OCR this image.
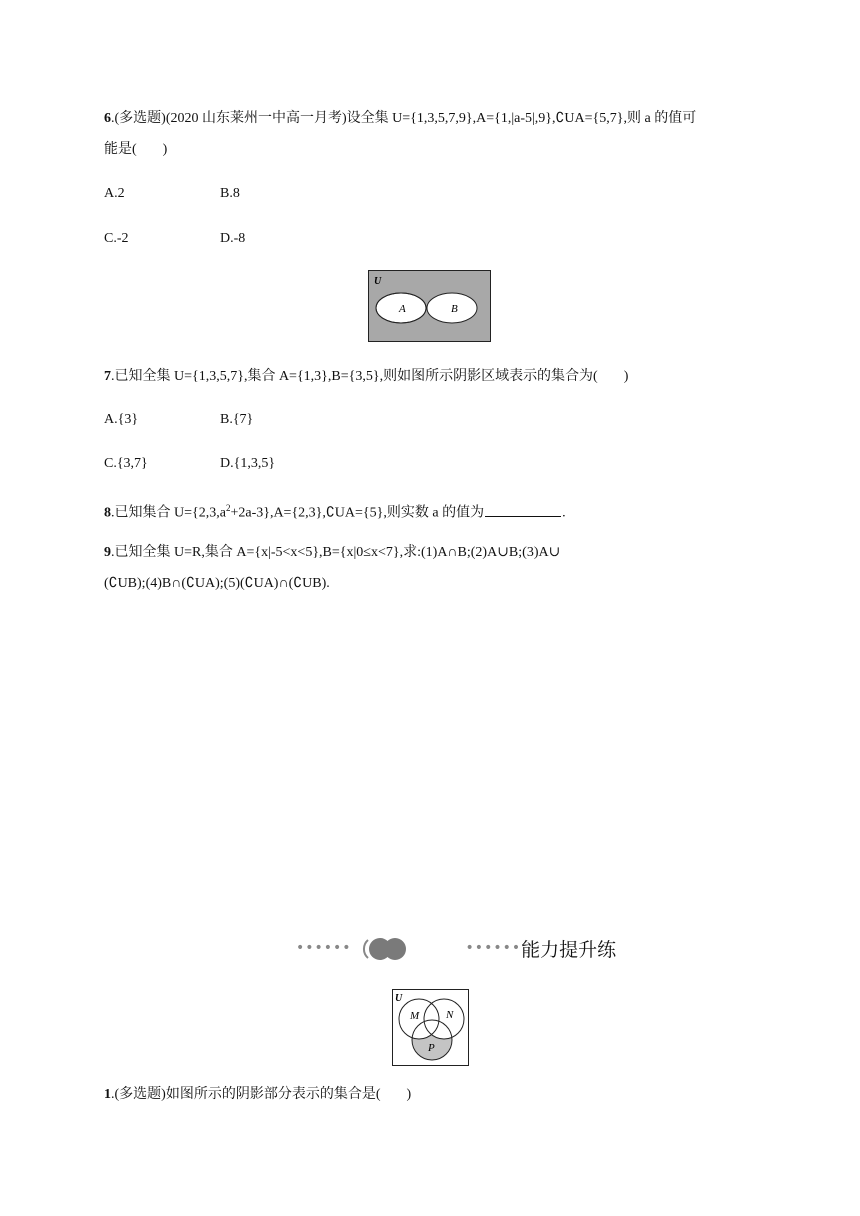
6.(多选题)(2020 山东莱州一中高一月考)设全集 U={1,3,5,7,9},A={1,|a-5|,9},∁UA={5,7},则 a 的值可
能是( )
A.2	B.8
C.-2	D.-8
U
A	B
7.已知全集 U={1,3,5,7},集合 A={1,3},B={3,5},则如图所示阴影区域表示的集合为( )
A.{3}	B.{7}
C.{3,7}	D.{1,3,5}
8.已知集合 $U=\{2,3,a^2+2a-3\},A=\{2,3\},∁UA=\{5\}$,则实数 a 的值为	.
9.已知全集 U=R,集合 A={x|-5<x<5},B={x|0≤x<7},求:(1)A∩B;(2)A∪B;(3)A∪
(∁UB);(4)B∩(∁UA);(5)(∁UA)∩(∁UB).
••••••	•••••• 能力提升练
U
M N
P
1.(多选题)如图所示的阴影部分表示的集合是( )
